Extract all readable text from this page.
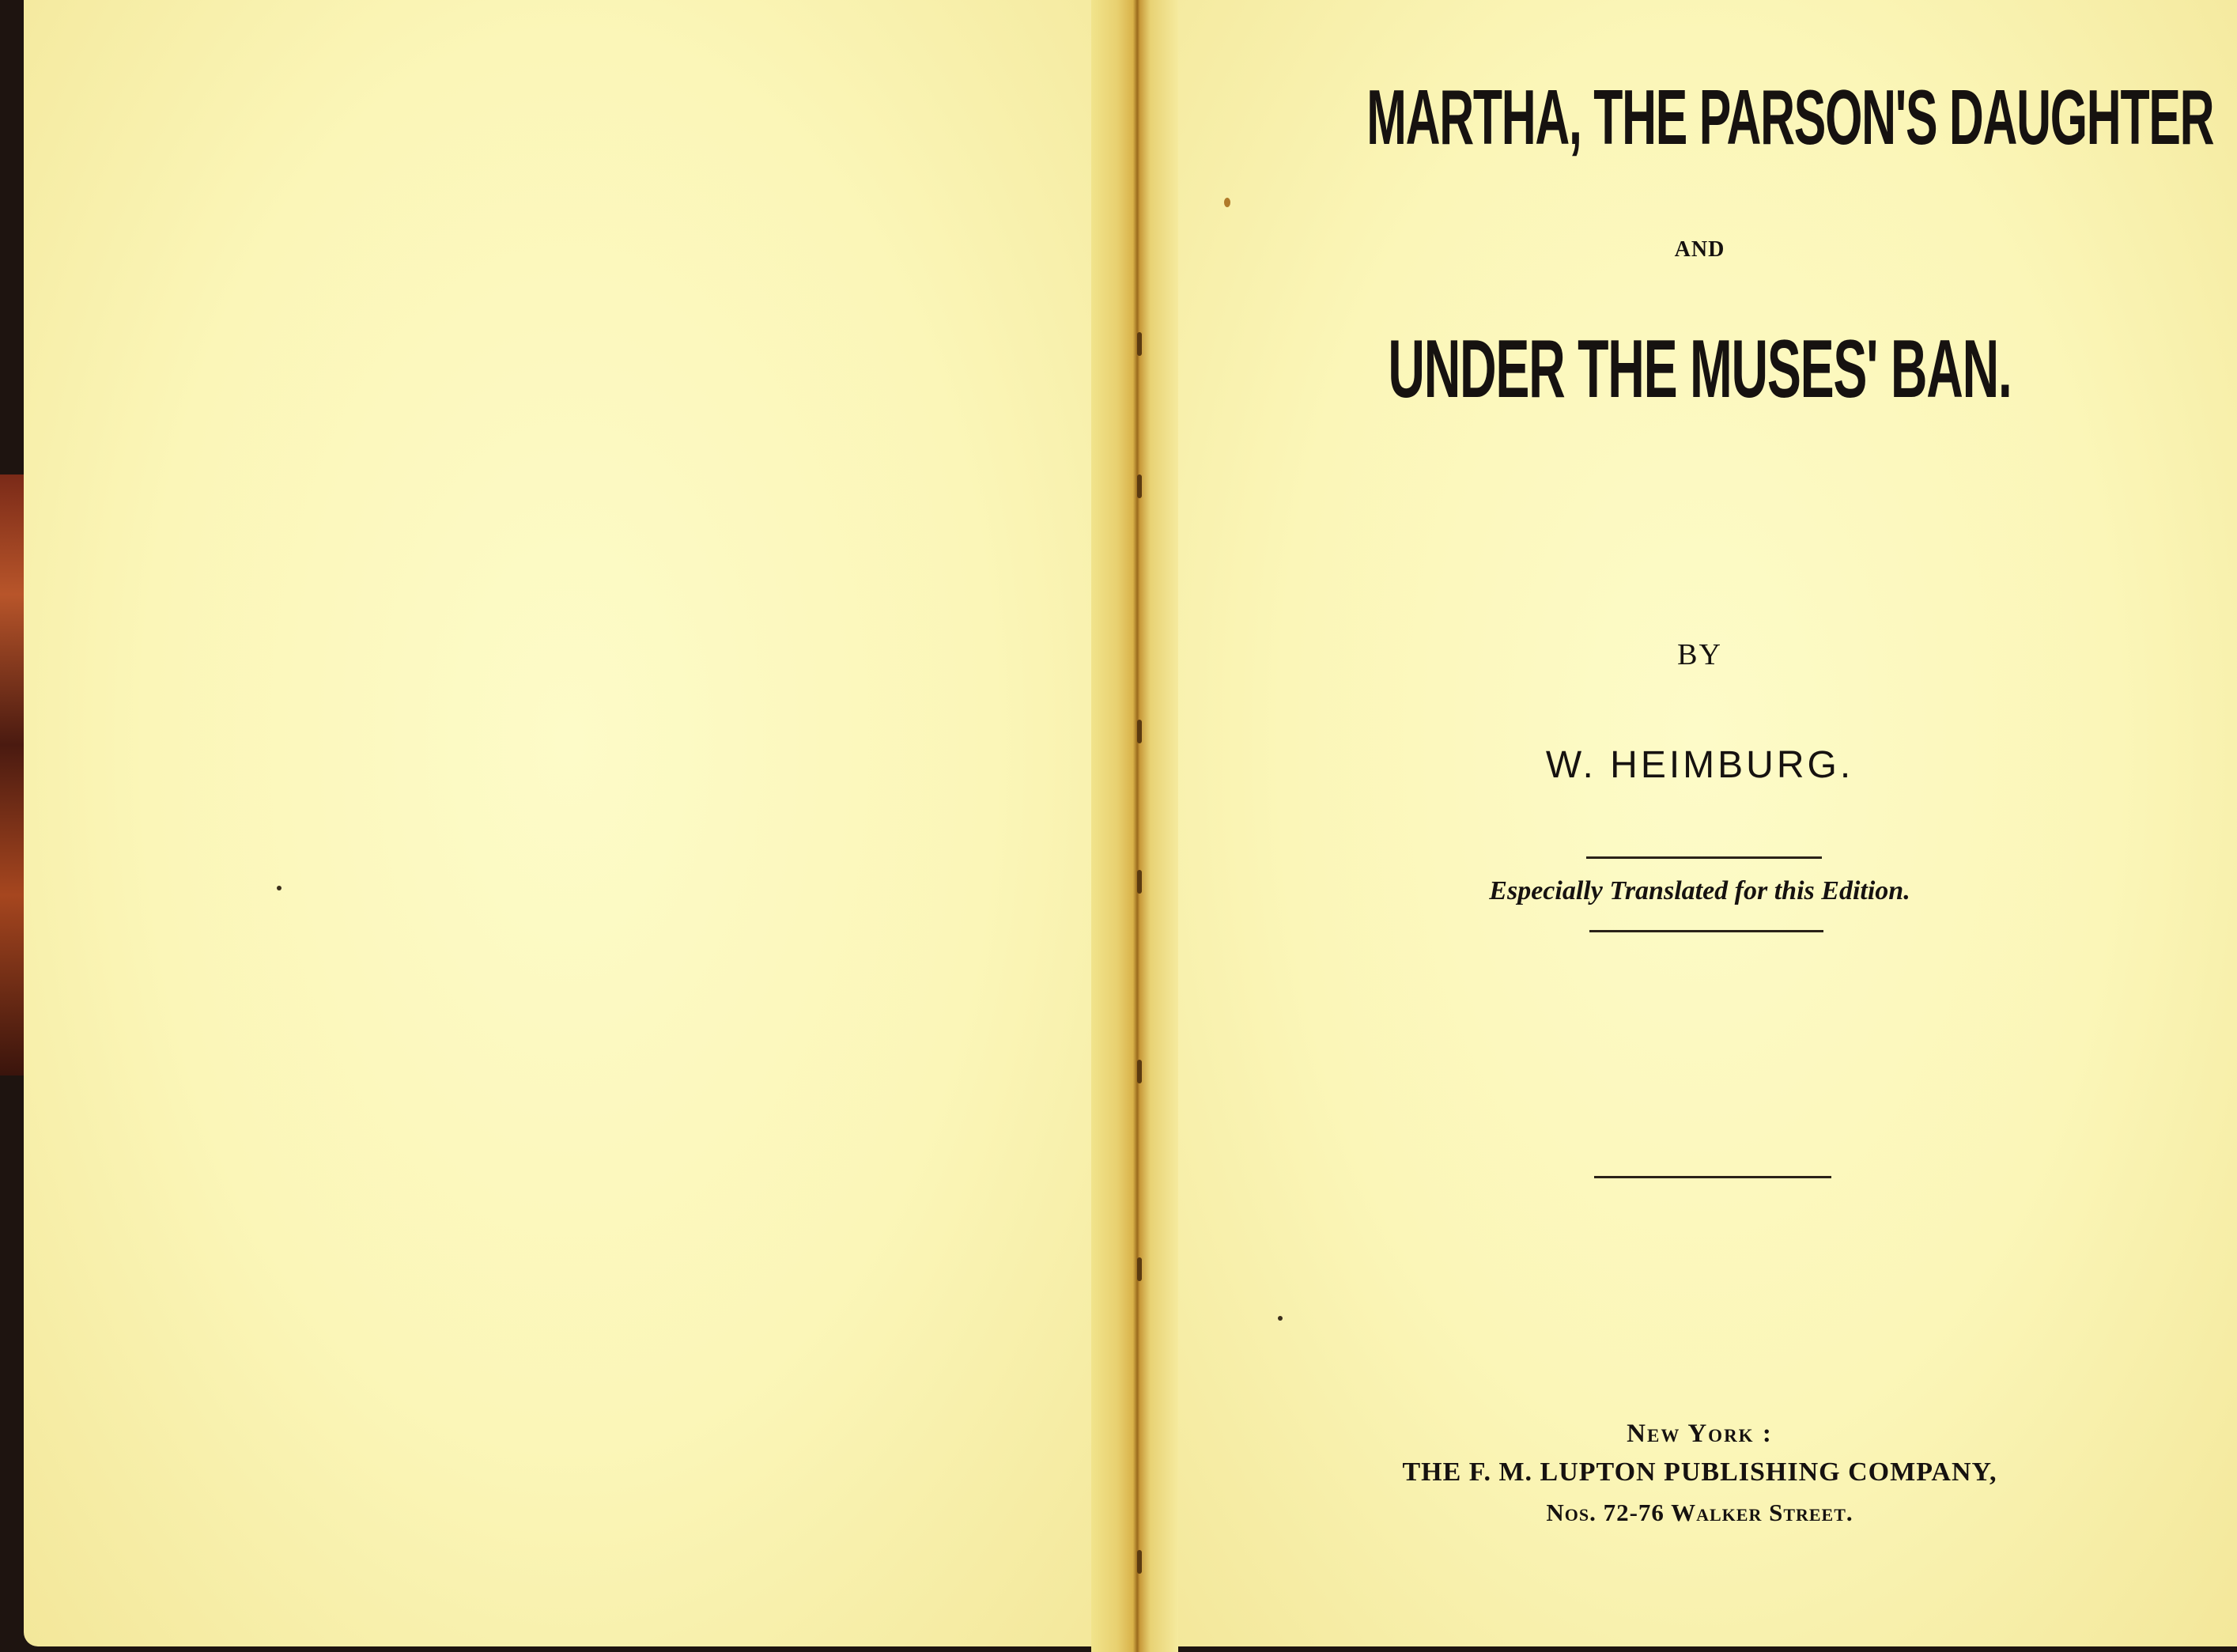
MARTHA, THE PARSON'S DAUGHTER
AND
UNDER THE MUSES' BAN.
BY
W. HEIMBURG.
Especially Translated for this Edition.
New York :
THE F. M. LUPTON PUBLISHING COMPANY,
Nos. 72-76 Walker Street.
